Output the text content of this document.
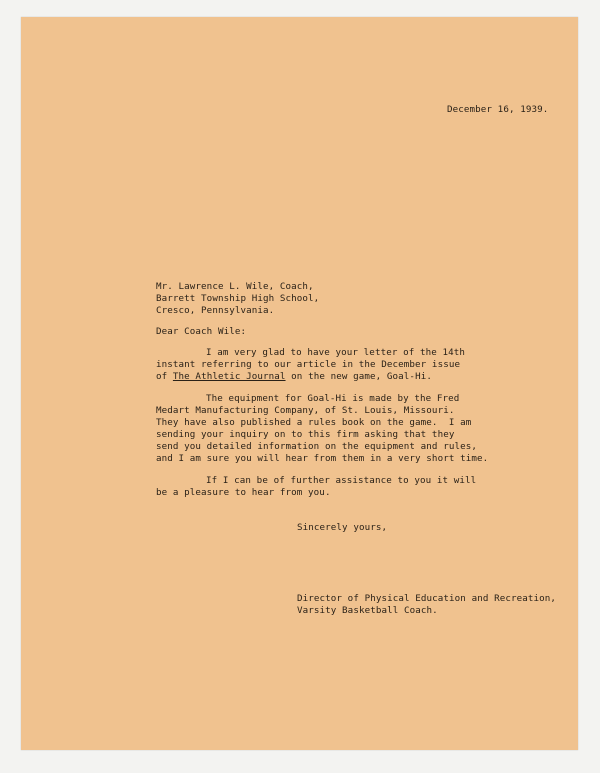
December 16, 1939.
Mr. Lawrence L. Wile, Coach,
Barrett Township High School,
Cresco, Pennsylvania.
Dear Coach Wile:
I am very glad to have your letter of the 14th
instant referring to our article in the December issue
of The Athletic Journal on the new game, Goal-Hi.
The equipment for Goal-Hi is made by the Fred
Medart Manufacturing Company, of St. Louis, Missouri.
They have also published a rules book on the game.  I am
sending your inquiry on to this firm asking that they
send you detailed information on the equipment and rules,
and I am sure you will hear from them in a very short time.
If I can be of further assistance to you it will
be a pleasure to hear from you.
Sincerely yours,
Director of Physical Education and Recreation,
Varsity Basketball Coach.
